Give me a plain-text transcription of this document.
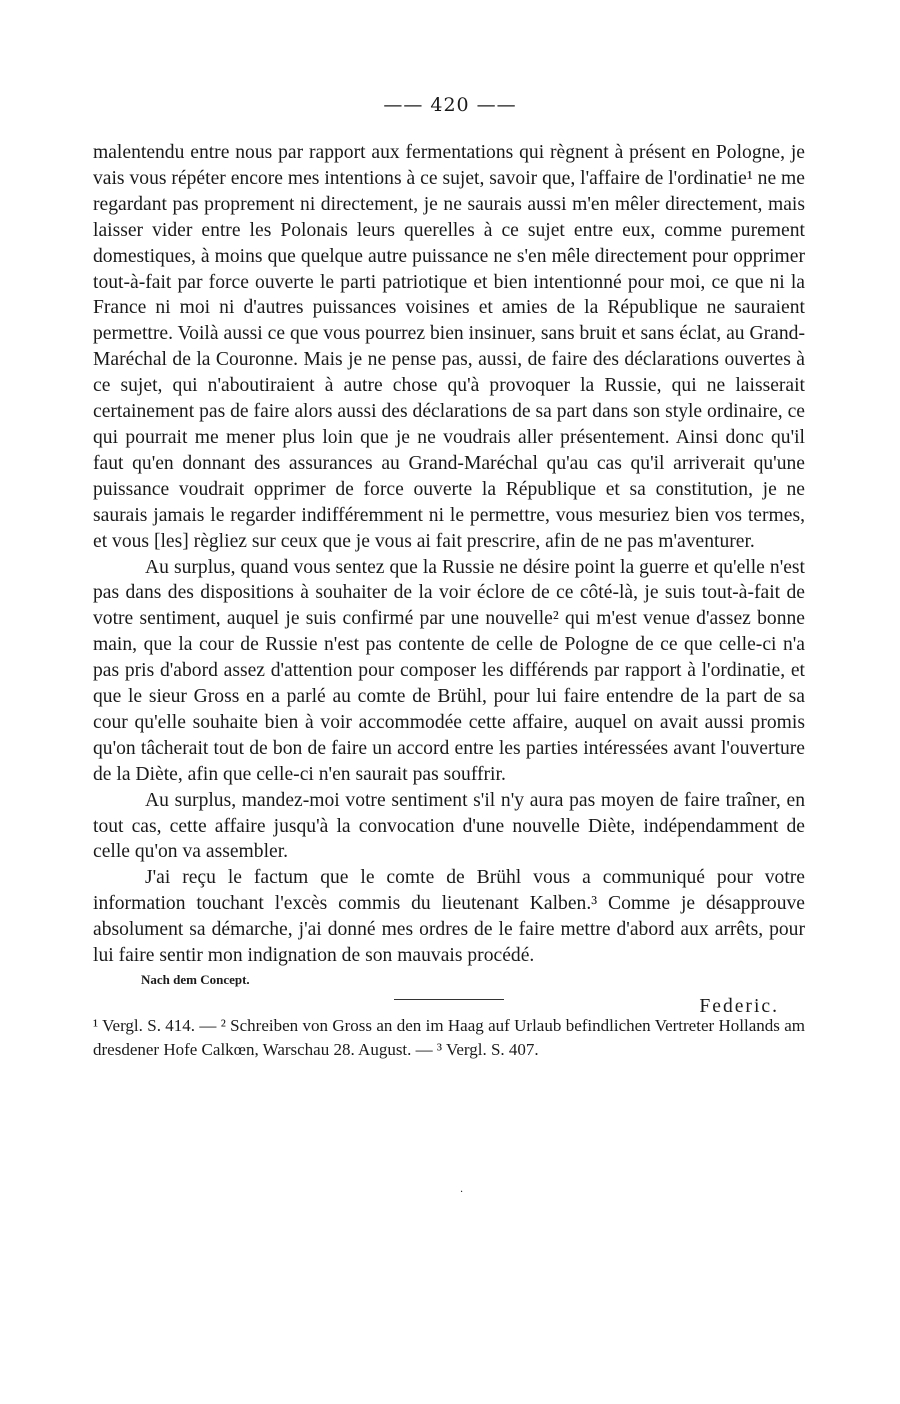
—— 420 ——

malentendu entre nous par rapport aux fermentations qui règnent à présent en Pologne, je vais vous répéter encore mes intentions à ce sujet, savoir que, l'affaire de l'ordinatie¹ ne me regardant pas proprement ni directement, je ne saurais aussi m'en mêler directement, mais laisser vider entre les Polonais leurs querelles à ce sujet entre eux, comme purement domestiques, à moins que quelque autre puissance ne s'en mêle directement pour opprimer tout-à-fait par force ouverte le parti patriotique et bien intentionné pour moi, ce que ni la France ni moi ni d'autres puissances voisines et amies de la République ne sauraient permettre. Voilà aussi ce que vous pourrez bien insinuer, sans bruit et sans éclat, au Grand-Maréchal de la Couronne. Mais je ne pense pas, aussi, de faire des déclarations ouvertes à ce sujet, qui n'aboutiraient à autre chose qu'à provoquer la Russie, qui ne laisserait certainement pas de faire alors aussi des déclarations de sa part dans son style ordinaire, ce qui pourrait me mener plus loin que je ne voudrais aller présentement. Ainsi donc qu'il faut qu'en donnant des assurances au Grand-Maréchal qu'au cas qu'il arriverait qu'une puissance voudrait opprimer de force ouverte la République et sa constitution, je ne saurais jamais le regarder indifféremment ni le permettre, vous mesuriez bien vos termes, et vous [les] règliez sur ceux que je vous ai fait prescrire, afin de ne pas m'aventurer.

Au surplus, quand vous sentez que la Russie ne désire point la guerre et qu'elle n'est pas dans des dispositions à souhaiter de la voir éclore de ce côté-là, je suis tout-à-fait de votre sentiment, auquel je suis confirmé par une nouvelle² qui m'est venue d'assez bonne main, que la cour de Russie n'est pas contente de celle de Pologne de ce que celle-ci n'a pas pris d'abord assez d'attention pour composer les différends par rapport à l'ordinatie, et que le sieur Gross en a parlé au comte de Brühl, pour lui faire entendre de la part de sa cour qu'elle souhaite bien à voir accommodée cette affaire, auquel on avait aussi promis qu'on tâcherait tout de bon de faire un accord entre les parties intéressées avant l'ouverture de la Diète, afin que celle-ci n'en saurait pas souffrir.

Au surplus, mandez-moi votre sentiment s'il n'y aura pas moyen de faire traîner, en tout cas, cette affaire jusqu'à la convocation d'une nouvelle Diète, indépendamment de celle qu'on va assembler.

J'ai reçu le factum que le comte de Brühl vous a communiqué pour votre information touchant l'excès commis du lieutenant Kalben.³ Comme je désapprouve absolument sa démarche, j'ai donné mes ordres de le faire mettre d'abord aux arrêts, pour lui faire sentir mon indignation de son mauvais procédé.

Federic.
Nach dem Concept.

¹ Vergl. S. 414. — ² Schreiben von Gross an den im Haag auf Urlaub befindlichen Vertreter Hollands am dresdener Hofe Calkœn, Warschau 28. August. — ³ Vergl. S. 407.

·
